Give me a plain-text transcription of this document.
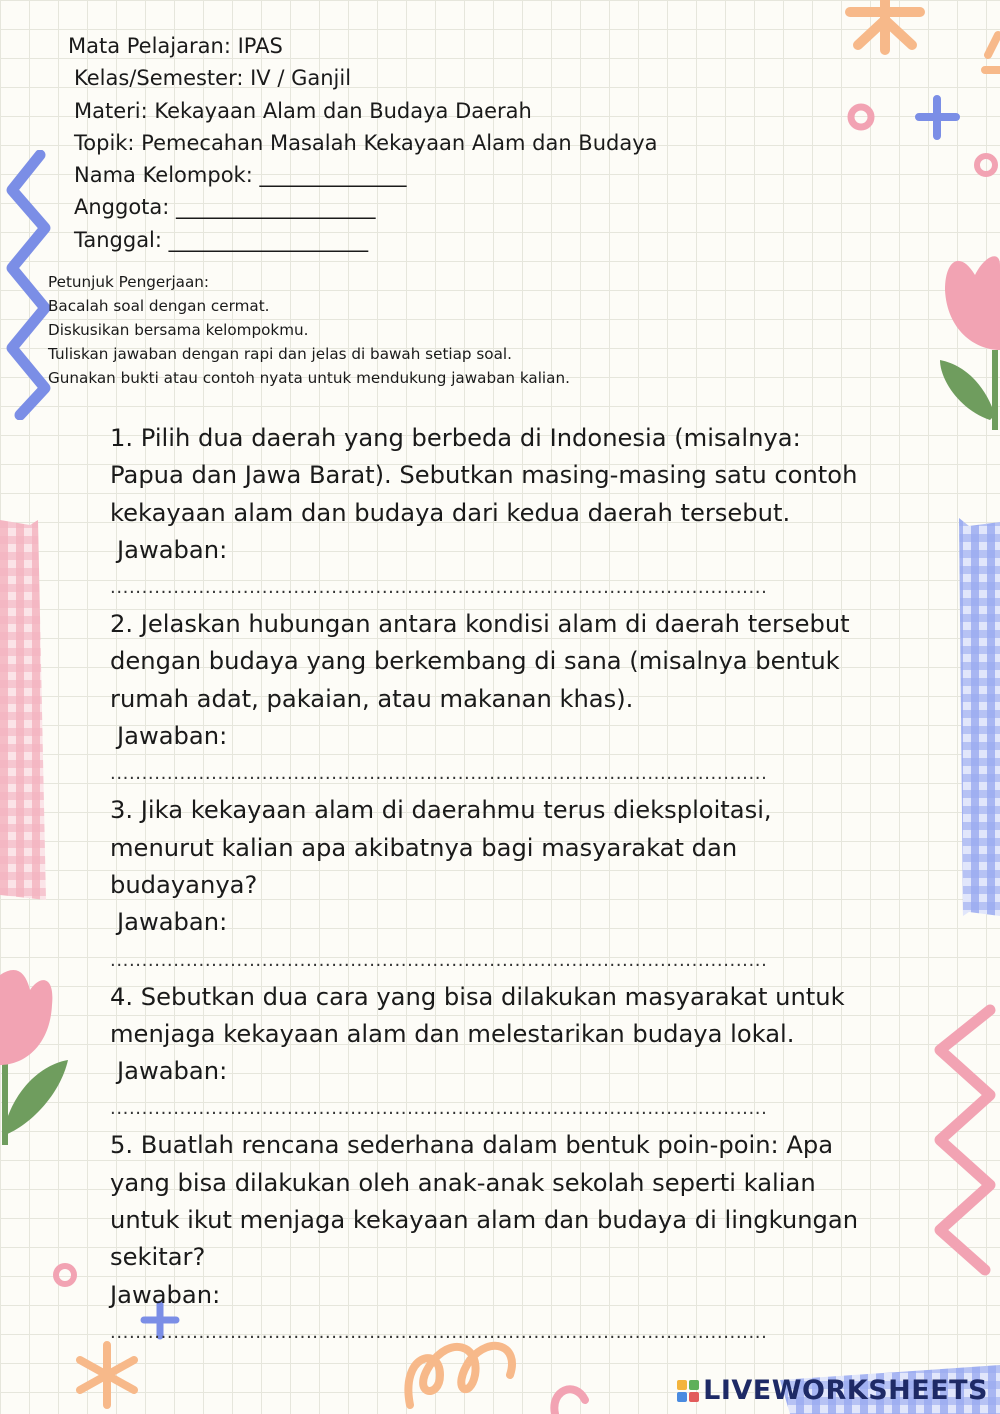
Mata Pelajaran: IPAS
Kelas/Semester: IV / Ganjil
Materi: Kekayaan Alam dan Budaya Daerah
Topik: Pemecahan Masalah Kekayaan Alam dan Budaya
Nama Kelompok: ______________
Anggota: ___________________
Tanggal: ___________________
Petunjuk Pengerjaan:
Bacalah soal dengan cermat.
Diskusikan bersama kelompokmu.
Tuliskan jawaban dengan rapi dan jelas di bawah setiap soal.
Gunakan bukti atau contoh nyata untuk mendukung jawaban kalian.
1. Pilih dua daerah yang berbeda di Indonesia (misalnya:
Papua dan Jawa Barat). Sebutkan masing-masing satu contoh
kekayaan alam dan budaya dari kedua daerah tersebut.
Jawaban:
........................................................................................................
2. Jelaskan hubungan antara kondisi alam di daerah tersebut
dengan budaya yang berkembang di sana (misalnya bentuk
rumah adat, pakaian, atau makanan khas).
Jawaban:
........................................................................................................
3. Jika kekayaan alam di daerahmu terus dieksploitasi,
menurut kalian apa akibatnya bagi masyarakat dan
budayanya?
Jawaban:
........................................................................................................
4. Sebutkan dua cara yang bisa dilakukan masyarakat untuk
menjaga kekayaan alam dan melestarikan budaya lokal.
Jawaban:
........................................................................................................
5. Buatlah rencana sederhana dalam bentuk poin-poin: Apa
yang bisa dilakukan oleh anak-anak sekolah seperti kalian
untuk ikut menjaga kekayaan alam dan budaya di lingkungan
sekitar?
Jawaban:
........................................................................................................
LIVEWORKSHEETS
